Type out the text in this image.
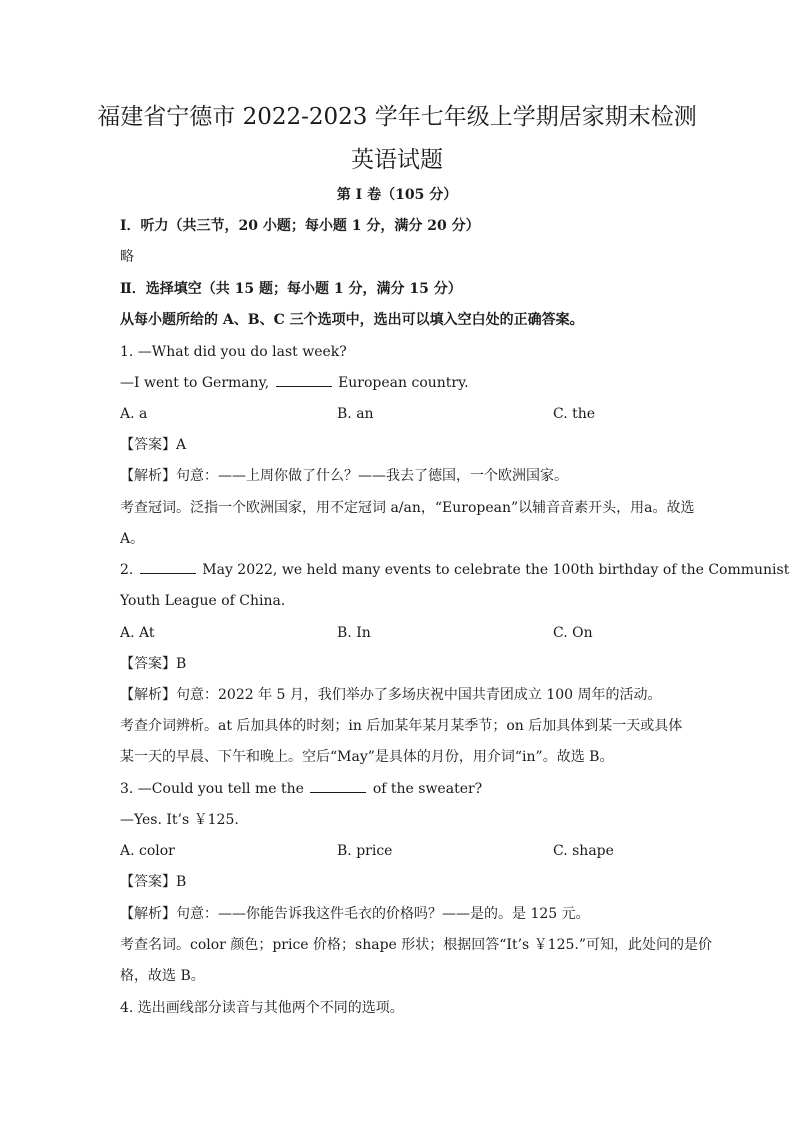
福建省宁德市 2022-2023 学年七年级上学期居家期末检测
英语试题
第 I 卷（105 分）
Ⅰ．听力（共三节，20 小题；每小题 1 分，满分 20 分）
略
Ⅱ．选择填空（共 15 题；每小题 1 分，满分 15 分）
从每小题所给的 A、B、C 三个选项中，选出可以填入空白处的正确答案。
1. —What did you do last week?
—I went to Germany,	European country.
A. a	B. an	C. the
【答案】A
【解析】句意：——上周你做了什么？——我去了德国，一个欧洲国家。
考查冠词。泛指一个欧洲国家，用不定冠词 a/an，“European”以辅音音素开头，用a。故选
A。
2.	May 2022, we held many events to celebrate the 100th birthday of the Communist
Youth League of China.
A. At	B. In	C. On
【答案】B
【解析】句意：2022 年 5 月，我们举办了多场庆祝中国共青团成立 100 周年的活动。
考查介词辨析。at 后加具体的时刻；in 后加某年某月某季节；on 后加具体到某一天或具体
某一天的早晨、下午和晚上。空后“May”是具体的月份，用介词“in”。故选 B。
3. —Could you tell me the	of the sweater?
—Yes. It’s ￥125.
A. color	B. price	C. shape
【答案】B
【解析】句意：——你能告诉我这件毛衣的价格吗？——是的。是 125 元。
考查名词。color 颜色；price 价格；shape 形状；根据回答“It’s ￥125.”可知，此处问的是价
格，故选 B。
4. 选出画线部分读音与其他两个不同的选项。
